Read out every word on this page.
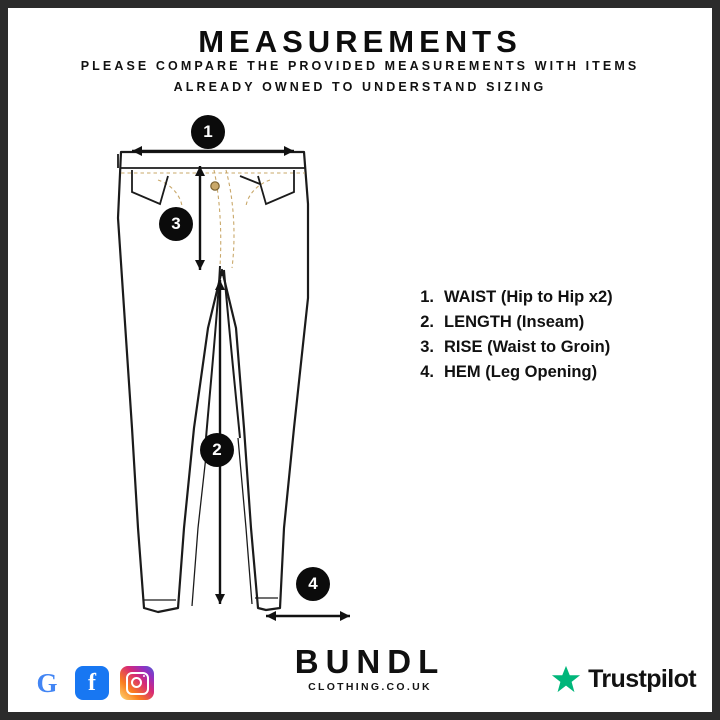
MEASUREMENTS
PLEASE COMPARE THE PROVIDED MEASUREMENTS WITH ITEMS ALREADY OWNED TO UNDERSTAND SIZING
1
3
2
4
1. WAIST (Hip to Hip x2)
2. LENGTH (Inseam)
3. RISE (Waist to Groin)
4. HEM (Leg Opening)
BUNDL
CLOTHING.CO.UK
G f	Trustpilot
